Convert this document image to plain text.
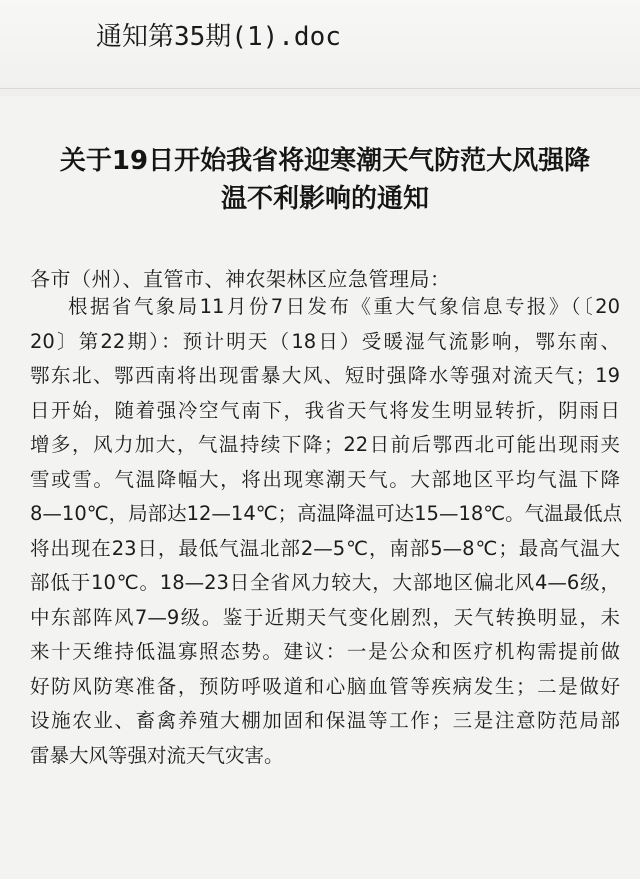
通知第35期(1).doc
关于19日开始我省将迎寒潮天气防范大风强降
温不利影响的通知
各市（州）、直管市、神农架林区应急管理局：
根据省气象局11月份7日发布《重大气象信息专报》（〔20
20〕第22期）：预计明天（18日）受暖湿气流影响，鄂东南、
鄂东北、鄂西南将出现雷暴大风、短时强降水等强对流天气；19
日开始，随着强冷空气南下，我省天气将发生明显转折，阴雨日
增多，风力加大，气温持续下降；22日前后鄂西北可能出现雨夹
雪或雪。气温降幅大，将出现寒潮天气。大部地区平均气温下降
8—10℃，局部达12—14℃；高温降温可达15—18℃。气温最低点
将出现在23日，最低气温北部2—5℃，南部5—8℃；最高气温大
部低于10℃。18—23日全省风力较大，大部地区偏北风4—6级，
中东部阵风7—9级。鉴于近期天气变化剧烈，天气转换明显，未
来十天维持低温寡照态势。建议：一是公众和医疗机构需提前做
好防风防寒准备，预防呼吸道和心脑血管等疾病发生；二是做好
设施农业、畜禽养殖大棚加固和保温等工作；三是注意防范局部
雷暴大风等强对流天气灾害。
